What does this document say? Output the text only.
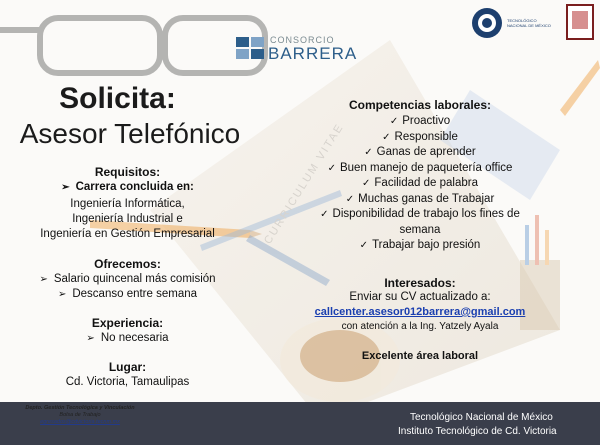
CURRICULUM VITAE
CONSORCIO
BARRERA
TECNOLÓGICO NACIONAL DE MÉXICO
Solicita:
Asesor Telefónico
Requisitos:
➢ Carrera concluida en:
Ingeniería Informática,
Ingeniería Industrial e
Ingeniería en Gestión Empresarial
Ofrecemos:
➢ Salario quincenal más comisión
➢ Descanso entre semana
Experiencia:
➢ No necesaria
Lugar:
Cd. Victoria, Tamaulipas
Competencias laborales:
✓ Proactivo
✓ Responsible
✓ Ganas de aprender
✓ Buen manejo de paquetería office
✓ Facilidad de palabra
✓ Muchas ganas de Trabajar
✓ Disponibilidad de trabajo los fines de
semana
✓ Trabajar bajo presión
Interesados:
Enviar su CV actualizado a:
callcenter.asesor012barrera@gmail.com
con atención a la Ing. Yatzely Ayala
Excelente área laboral
Tecnológico Nacional de México
Instituto Tecnológico de Cd. Victoria
Depto. Gestión Tecnológica y Vinculación
Bolsa de Trabajo
egresados@cdvictoria.tecnm.mx
